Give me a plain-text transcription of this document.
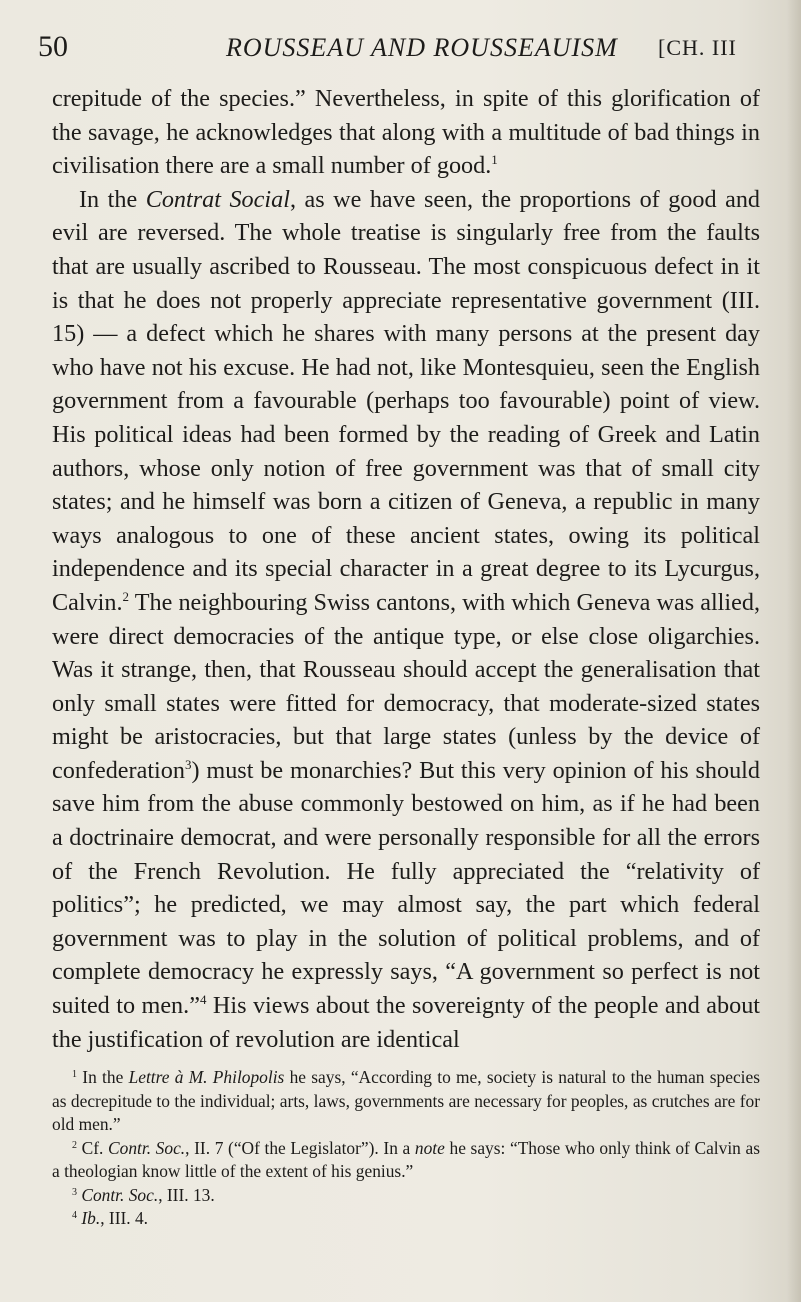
50	ROUSSEAU AND ROUSSEAUISM [CH. III

crepitude of the species.” Nevertheless, in spite of this glorification of the savage, he acknowledges that along with a multitude of bad things in civilisation there are a small number of good.$^1$

In the Contrat Social, as we have seen, the proportions of good and evil are reversed. The whole treatise is singularly free from the faults that are usually ascribed to Rousseau. The most conspicuous defect in it is that he does not properly appreciate representative government (III. 15) — a defect which he shares with many persons at the present day who have not his excuse. He had not, like Montesquieu, seen the English government from a favourable (perhaps too favourable) point of view. His political ideas had been formed by the reading of Greek and Latin authors, whose only notion of free government was that of small city states; and he himself was born a citizen of Geneva, a republic in many ways analogous to one of these ancient states, owing its political independence and its special character in a great degree to its Lycurgus, Calvin.$^2$ The neighbouring Swiss cantons, with which Geneva was allied, were direct democracies of the antique type, or else close oligarchies. Was it strange, then, that Rousseau should accept the generalisation that only small states were fitted for democracy, that moderate-sized states might be aristocracies, but that large states (unless by the device of confederation$^3$) must be monarchies? But this very opinion of his should save him from the abuse commonly bestowed on him, as if he had been a doctrinaire democrat, and were personally responsible for all the errors of the French Revolution. He fully appreciated the “relativity of politics”; he predicted, we may almost say, the part which federal government was to play in the solution of political problems, and of complete democracy he expressly says, “A government so perfect is not suited to men.”$^4$ His views about the sovereignty of the people and about the justification of revolution are identical

$^1$ In the Lettre à M. Philopolis he says, “According to me, society is natural to the human species as decrepitude to the individual; arts, laws, governments are necessary for peoples, as crutches are for old men.”

$^2$ Cf. Contr. Soc., II. 7 (“Of the Legislator”). In a note he says: “Those who only think of Calvin as a theologian know little of the extent of his genius.”

$^3$ Contr. Soc., III. 13.

$^4$ Ib., III. 4.
